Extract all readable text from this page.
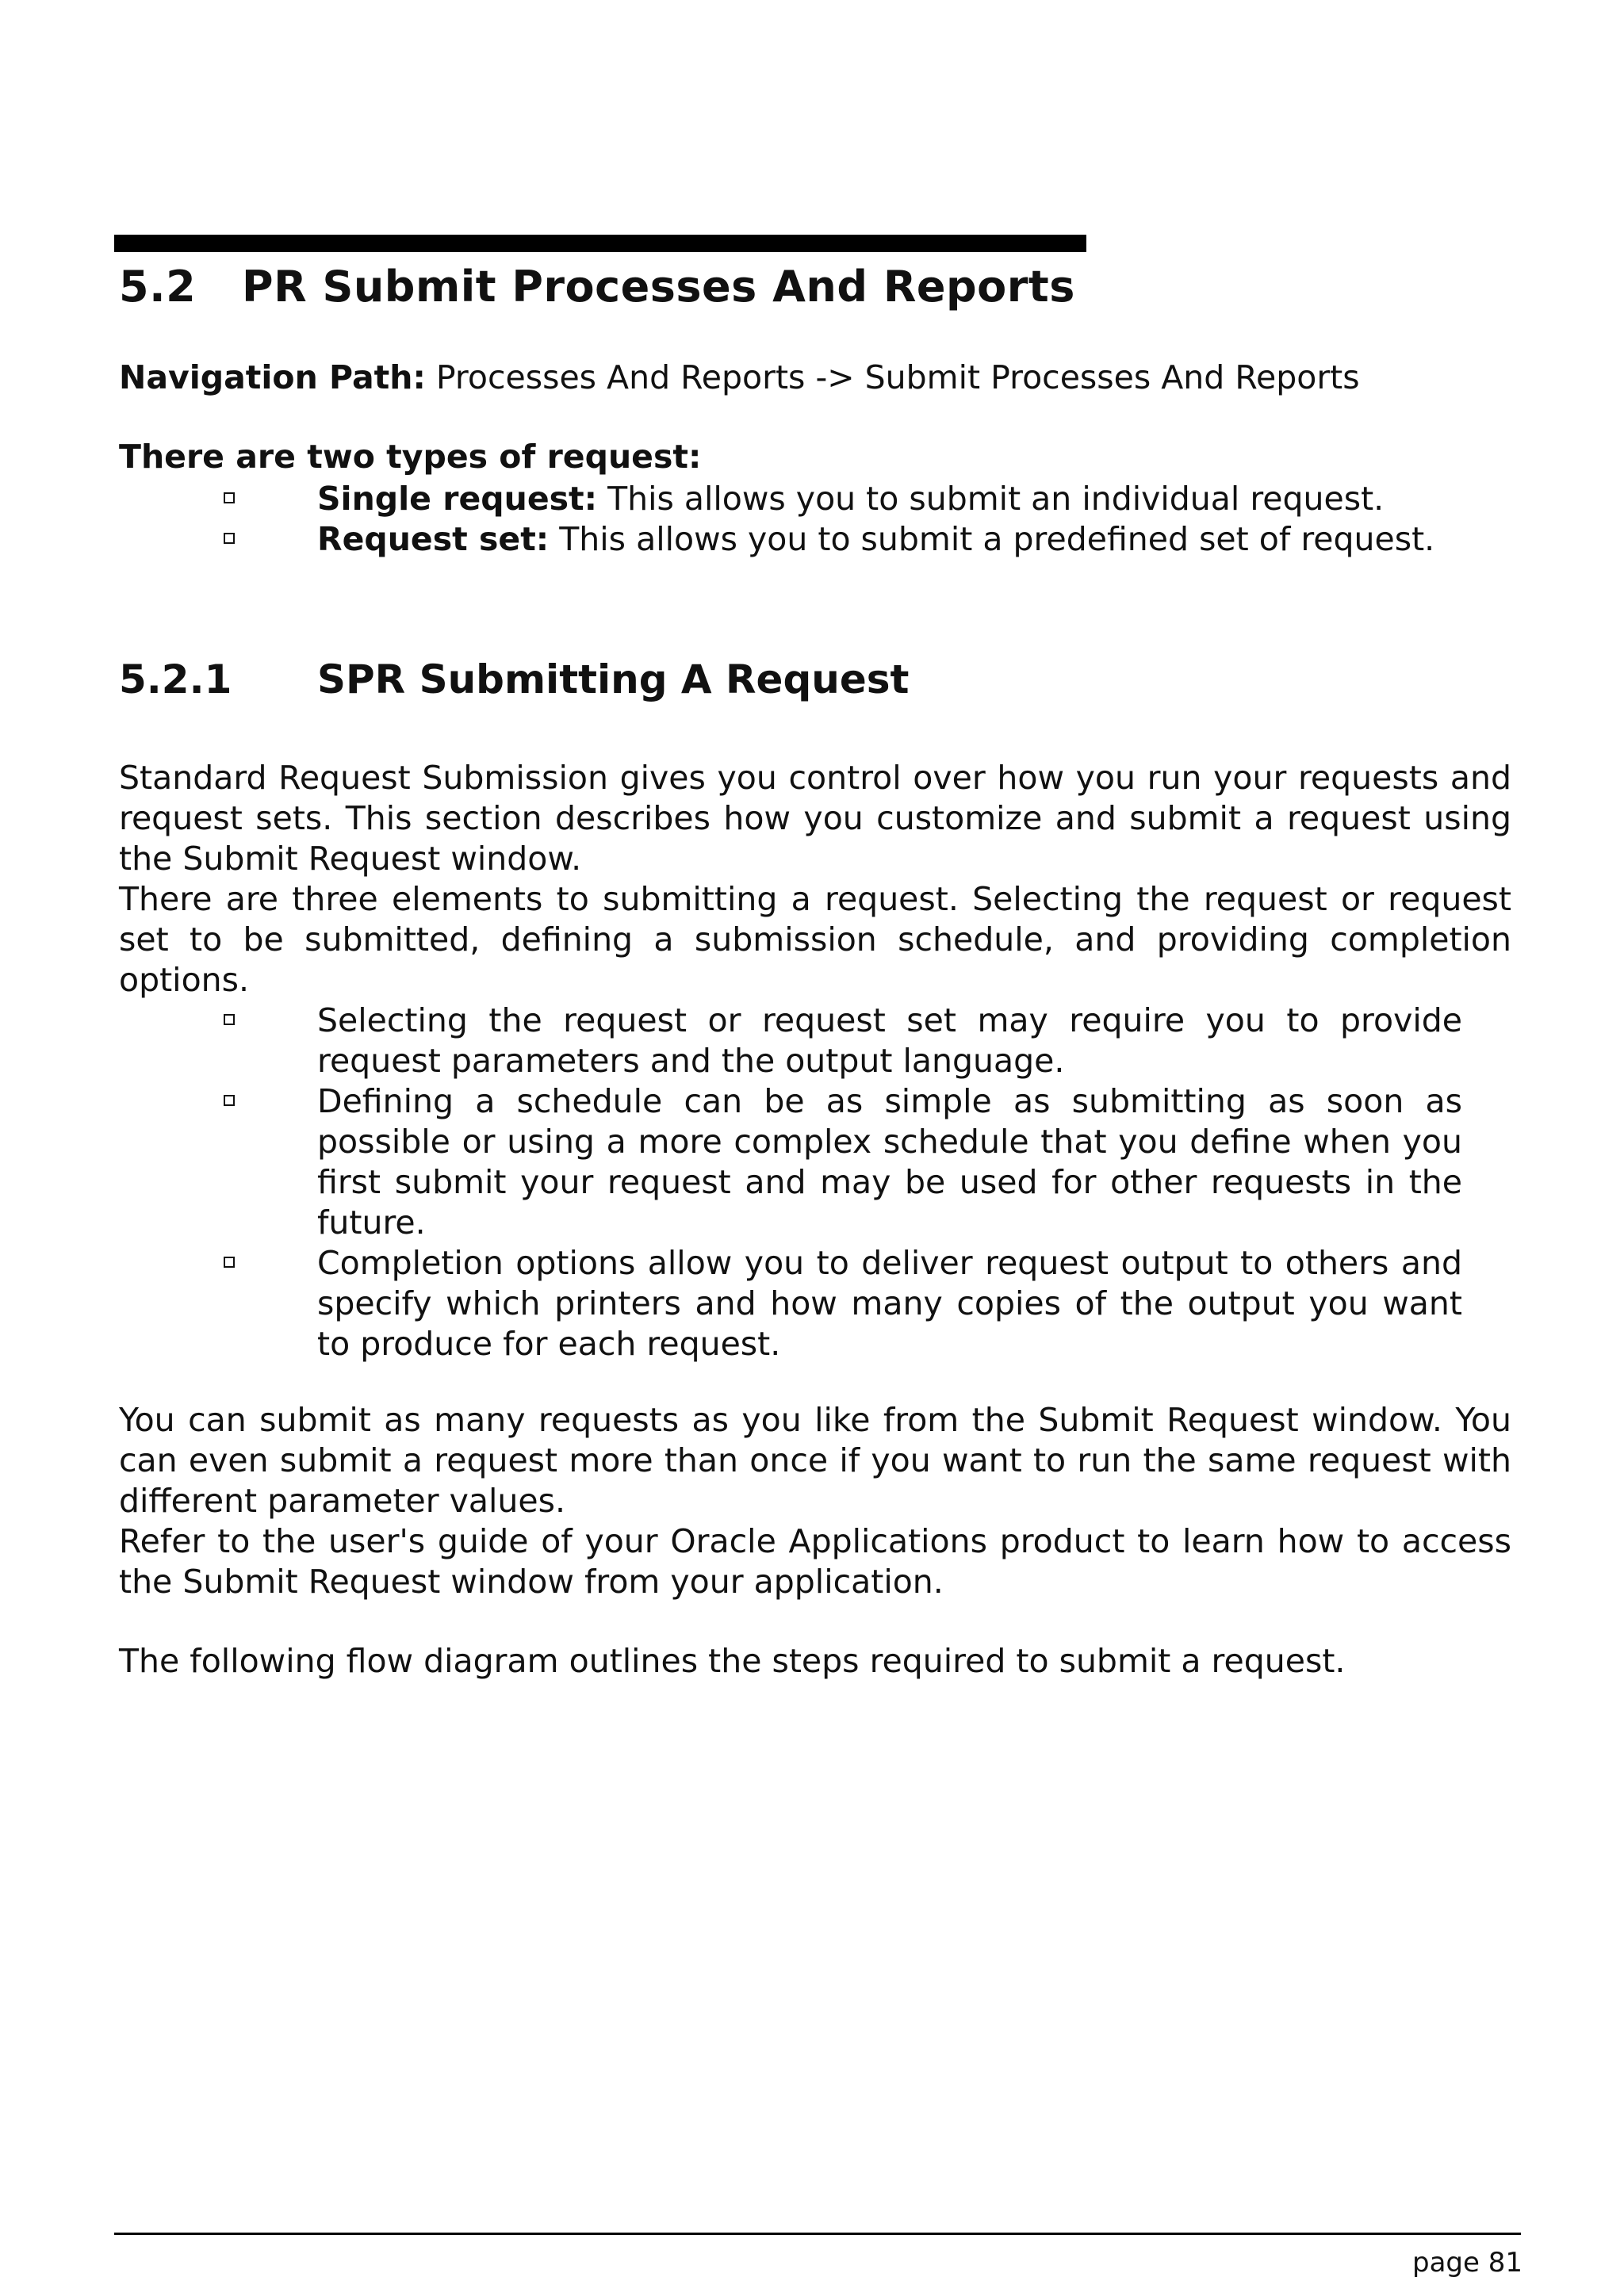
5.2 PR Submit Processes And Reports
Navigation Path: Processes And Reports -> Submit Processes And Reports
There are two types of request:
Single request: This allows you to submit an individual request.
Request set: This allows you to submit a predefined set of request.
5.2.1 SPR Submitting A Request
Standard Request Submission gives you control over how you run your requests and request sets. This section describes how you customize and submit a request using the Submit Request window.
There are three elements to submitting a request. Selecting the request or request set to be submitted, defining a submission schedule, and providing completion options.
Selecting the request or request set may require you to provide request parameters and the output language.
Defining a schedule can be as simple as submitting as soon as possible or using a more complex schedule that you define when you first submit your request and may be used for other requests in the future.
Completion options allow you to deliver request output to others and specify which printers and how many copies of the output you want to produce for each request.
You can submit as many requests as you like from the Submit Request window. You can even submit a request more than once if you want to run the same request with different parameter values.
Refer to the user's guide of your Oracle Applications product to learn how to access the Submit Request window from your application.
The following flow diagram outlines the steps required to submit a request.
page 81
